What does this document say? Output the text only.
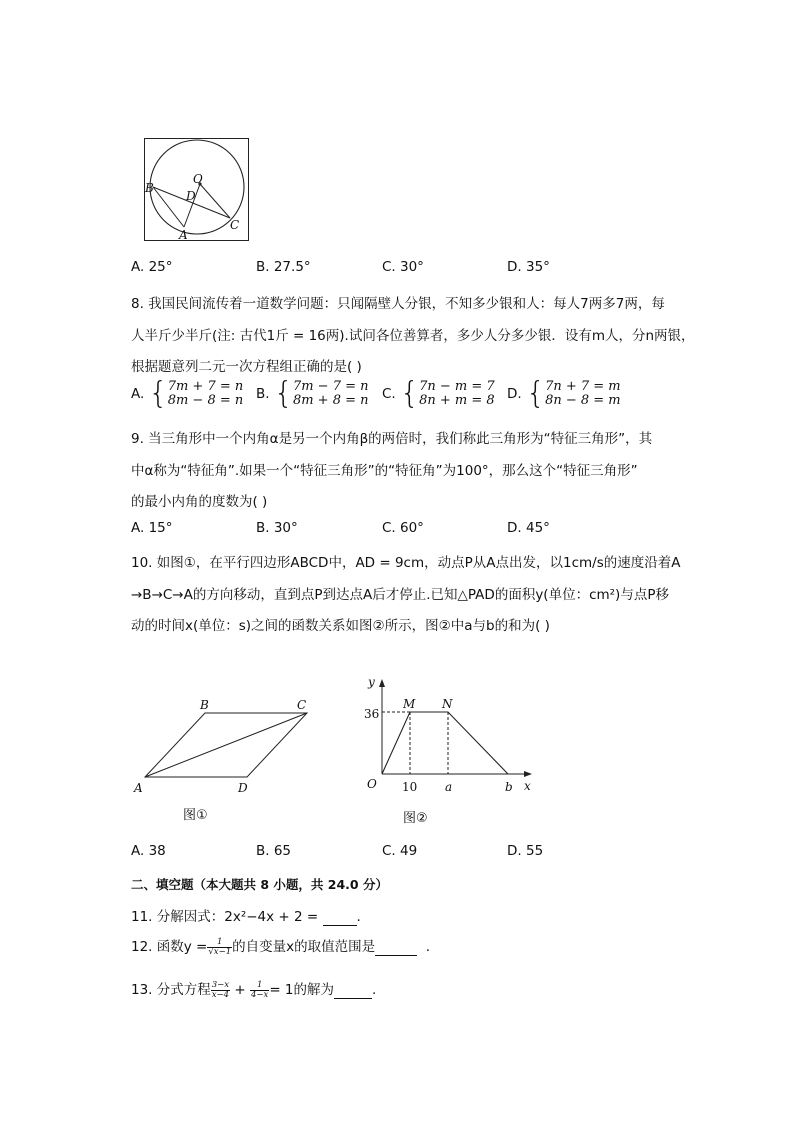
O
B
D
A
C
A. 25°	B. 27.5°	C. 30°	D. 35°
8. 我国民间流传着一道数学问题：只闻隔壁人分银，不知多少银和人：每人7两多7两，每
人半斤少半斤(注: 古代1斤 = 16两).试问各位善算者，多少人分多少银．设有m人，分n两银，
根据题意列二元一次方程组正确的是( )
A. { 7m + 7 = n
8m − 8 = n B. { 7m − 7 = n
8m + 8 = n C. { 7n − m = 7
8n + m = 8 D. { 7n + 7 = m
8n − 8 = m
9. 当三角形中一个内角α是另一个内角β的两倍时，我们称此三角形为“特征三角形”，其
中α称为“特征角”.如果一个“特征三角形”的“特征角”为100°，那么这个“特征三角形”
的最小内角的度数为( )
A. 15°	B. 30°	C. 60°	D. 45°
10. 如图①，在平行四边形ABCD中，AD = 9cm，动点P从A点出发，以1cm/s的速度沿着A
→B→C→A的方向移动，直到点P到达点A后才停止.已知△PAD的面积y(单位：cm²)与点P移
动的时间x(单位：s)之间的函数关系如图②所示，图②中a与b的和为( )
B	C
A	D
图①
y
x
O
36
10 a	b
M N
图②
A. 38	B. 65	C. 49	D. 55
二、填空题（本大题共 8 小题，共 24.0 分）
11. 分解因式：2x²−4x + 2 =	.
12. 函数$y = \frac{1}{√x-1}$ 的自变量x的取值范围是	.
13. 分式方程 $\frac{3-x}{x-4} + \frac{1}{4-x} = 1$的解为	.
